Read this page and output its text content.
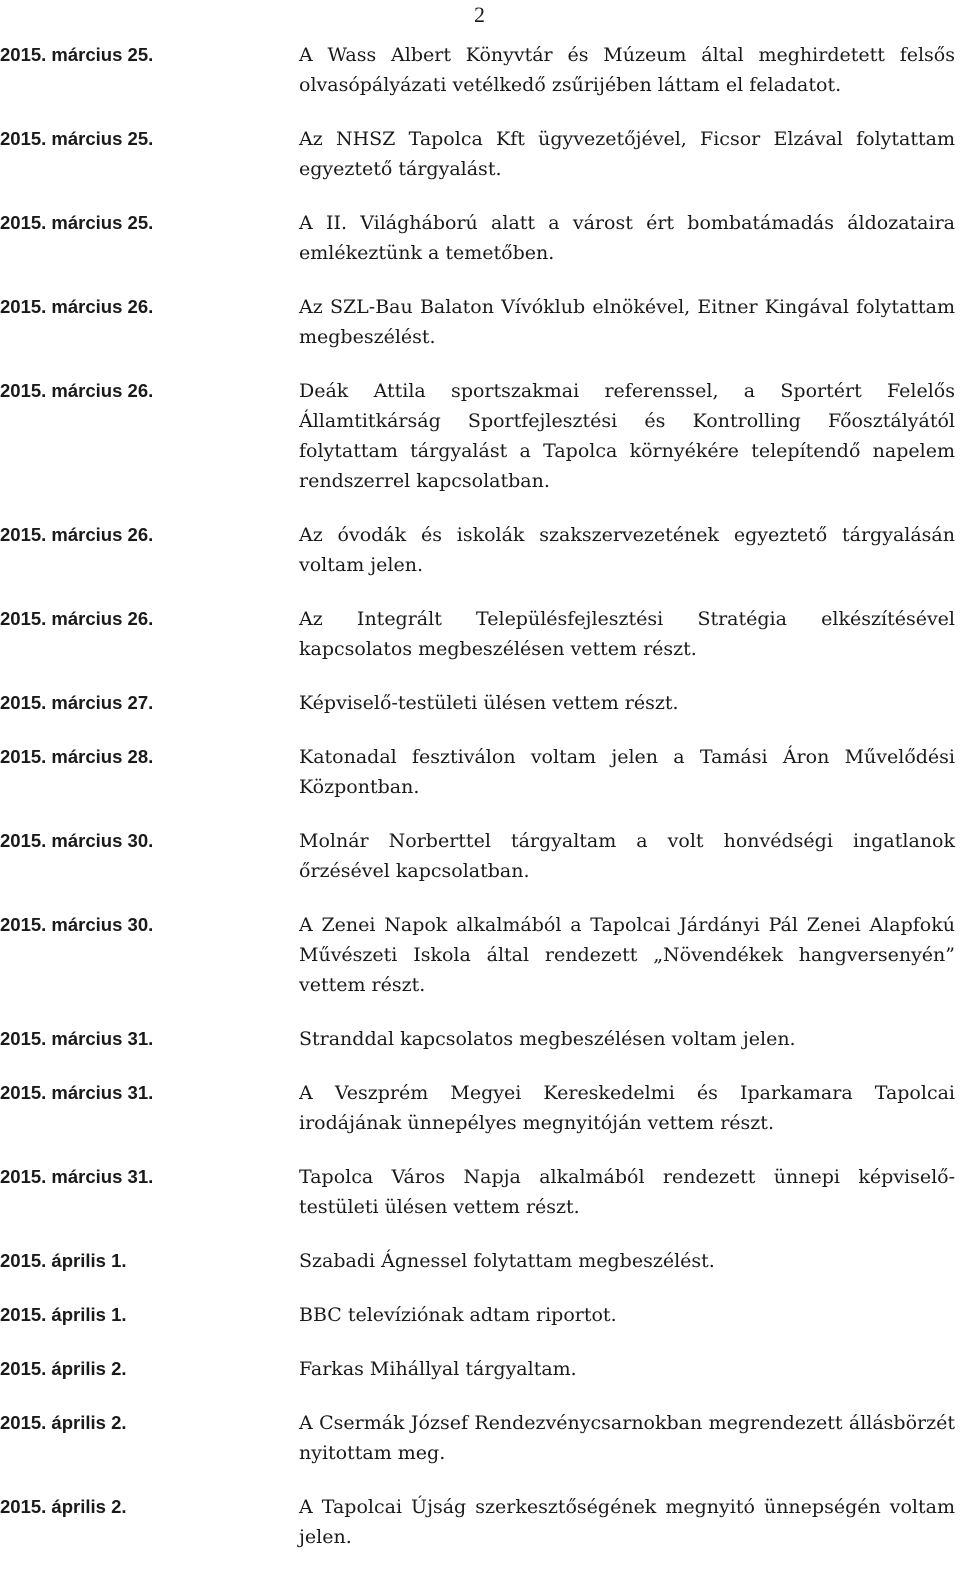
2
2015. március 25.	A Wass Albert Könyvtár és Múzeum által meghirdetett felsős olvasópályázati vetélkedő zsűrijében láttam el feladatot.
2015. március 25.	Az NHSZ Tapolca Kft ügyvezetőjével, Ficsor Elzával folytattam egyeztető tárgyalást.
2015. március 25.	A II. Világháború alatt a várost ért bombatámadás áldozataira emlékeztünk a temetőben.
2015. március 26.	Az SZL-Bau Balaton Vívóklub elnökével, Eitner Kingával folytattam megbeszélést.
2015. március 26.	Deák Attila sportszakmai referenssel, a Sportért Felelős Államtitkárság Sportfejlesztési és Kontrolling Főosztályától folytattam tárgyalást a Tapolca környékére telepítendő napelem rendszerrel kapcsolatban.
2015. március 26.	Az óvodák és iskolák szakszervezetének egyeztető tárgyalásán voltam jelen.
2015. március 26.	Az Integrált Településfejlesztési Stratégia elkészítésével kapcsolatos megbeszélésen vettem részt.
2015. március 27.	Képviselő-testületi ülésen vettem részt.
2015. március 28.	Katonadal fesztiválon voltam jelen a Tamási Áron Művelődési Központban.
2015. március 30.	Molnár Norberttel tárgyaltam a volt honvédségi ingatlanok őrzésével kapcsolatban.
2015. március 30.	A Zenei Napok alkalmából a Tapolcai Járdányi Pál Zenei Alapfokú Művészeti Iskola által rendezett „Növendékek hangversenyén” vettem részt.
2015. március 31.	Stranddal kapcsolatos megbeszélésen voltam jelen.
2015. március 31.	A Veszprém Megyei Kereskedelmi és Iparkamara Tapolcai irodájának ünnepélyes megnyitóján vettem részt.
2015. március 31.	Tapolca Város Napja alkalmából rendezett ünnepi képviselő-testületi ülésen vettem részt.
2015. április 1.	Szabadi Ágnessel folytattam megbeszélést.
2015. április 1.	BBC televíziónak adtam riportot.
2015. április 2.	Farkas Mihállyal tárgyaltam.
2015. április 2.	A Csermák József Rendezvénycsarnokban megrendezett állásbörzét nyitottam meg.
2015. április 2.	A Tapolcai Újság szerkesztőségének megnyitó ünnepségén voltam jelen.
